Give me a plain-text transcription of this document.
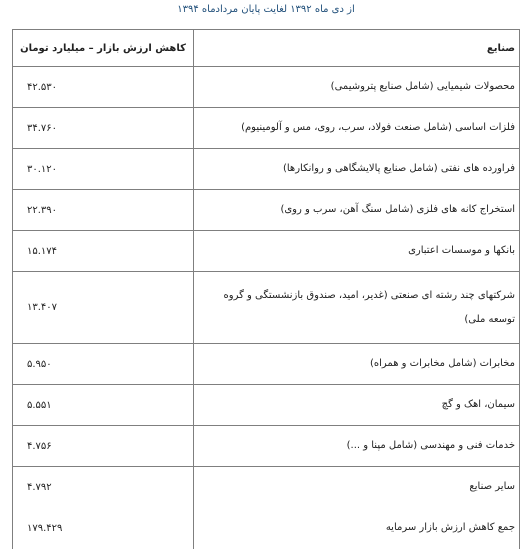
از دی ماه ۱۳۹۲ لغایت پایان مردادماه ۱۳۹۴
صنایع	کاهش ارزش بازار – میلیارد تومان
محصولات شیمیایی (شامل صنایع پتروشیمی)	۴۲.۵۳۰
فلزات اساسی (شامل صنعت فولاد، سرب، روی، مس و آلومینیوم)	۳۴.۷۶۰
فراورده های نفتی (شامل صنایع پالایشگاهی و روانکارها)	۳۰.۱۲۰
استخراج کانه های فلزی (شامل سنگ آهن، سرب و روی)	۲۲.۳۹۰
بانکها و موسسات اعتباری	۱۵.۱۷۴
شرکتهای چند رشته ای صنعتی (غدیر، امید، صندوق بازنشستگی و گروه توسعه ملی)	۱۳.۴۰۷
مخابرات (شامل مخابرات و همراه)	۵.۹۵۰
سیمان، اهک و گچ	۵.۵۵۱
خدمات فنی و مهندسی (شامل مپنا و ...)	۴.۷۵۶
سایر صنایع	۴.۷۹۲
جمع کاهش ارزش بازار سرمایه	۱۷۹.۴۲۹
